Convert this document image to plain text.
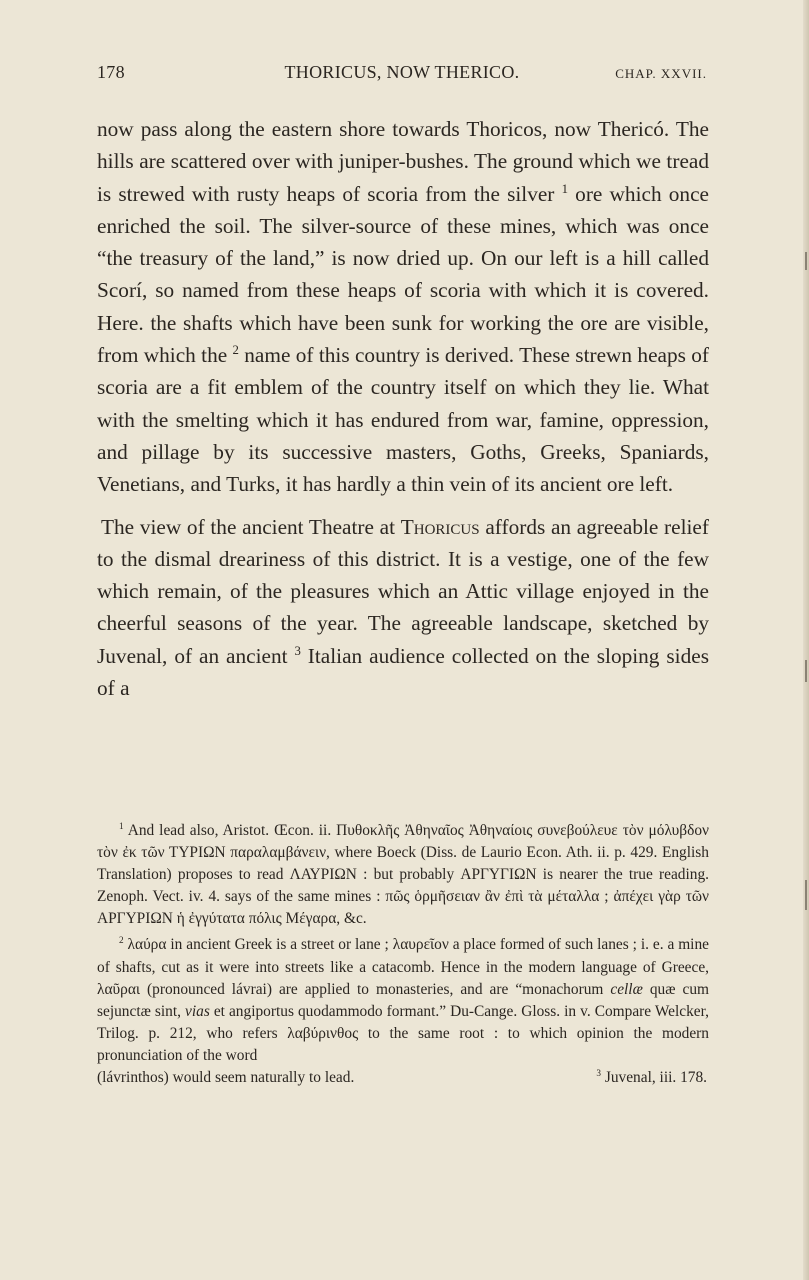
178	THORICUS, NOW THERICO.	CHAP. XXVII.

now pass along the eastern shore towards Thoricos, now Thericó. The hills are scattered over with juniper-bushes. The ground which we tread is strewed with rusty heaps of scoria from the silver $^1$ ore which once enriched the soil. The silver-source of these mines, which was once “the treasury of the land,” is now dried up. On our left is a hill called Scorí, so named from these heaps of scoria with which it is covered. Here. the shafts which have been sunk for working the ore are visible, from which the $^2$ name of this country is derived. These strewn heaps of scoria are a fit emblem of the country itself on which they lie. What with the smelting which it has endured from war, famine, oppression, and pillage by its successive masters, Goths, Greeks, Spaniards, Venetians, and Turks, it has hardly a thin vein of its ancient ore left.

The view of the ancient Theatre at Thoricus affords an agreeable relief to the dismal dreariness of this district. It is a vestige, one of the few which remain, of the pleasures which an Attic village enjoyed in the cheerful seasons of the year. The agreeable landscape, sketched by Juvenal, of an ancient $^3$ Italian audience collected on the sloping sides of a

$^1$ And lead also, Aristot. Œcon. ii. Πυθοκλῆς Ἀθηναῖος Ἀθηναίοις συνεβούλευε τὸν μόλυβδον τὸν ἐκ τῶν ΤΥΡΙΩΝ παραλαμβάνειν, where Boeck (Diss. de Laurio Econ. Ath. ii. p. 429. English Translation) proposes to read ΛΑΥΡΙΩΝ : but probably ΑΡΓΥΓΙΩΝ is nearer the true reading. Zenoph. Vect. iv. 4. says of the same mines : πῶς ὁρμῆσειαν ἂν ἐπὶ τὰ μέταλλα ; ἀπέχει γὰρ τῶν ΑΡΓΥΡΙΩΝ ἡ ἐγγύτατα πόλις Μέγαρα, &c.

$^2$ λαύρα in ancient Greek is a street or lane ; λαυρεῖον a place formed of such lanes ; i. e. a mine of shafts, cut as it were into streets like a catacomb. Hence in the modern language of Greece, λαῦραι (pronounced lávrai) are applied to monasteries, and are “monachorum cellæ quæ cum sejunctæ sint, vias et angiportus quodammodo formant.” Du-Cange. Gloss. in v. Compare Welcker, Trilog. p. 212, who refers λαβύρινθος to the same root : to which opinion the modern pronunciation of the word

(lávrinthos) would seem naturally to lead.	$^3$ Juvenal, iii. 178.
